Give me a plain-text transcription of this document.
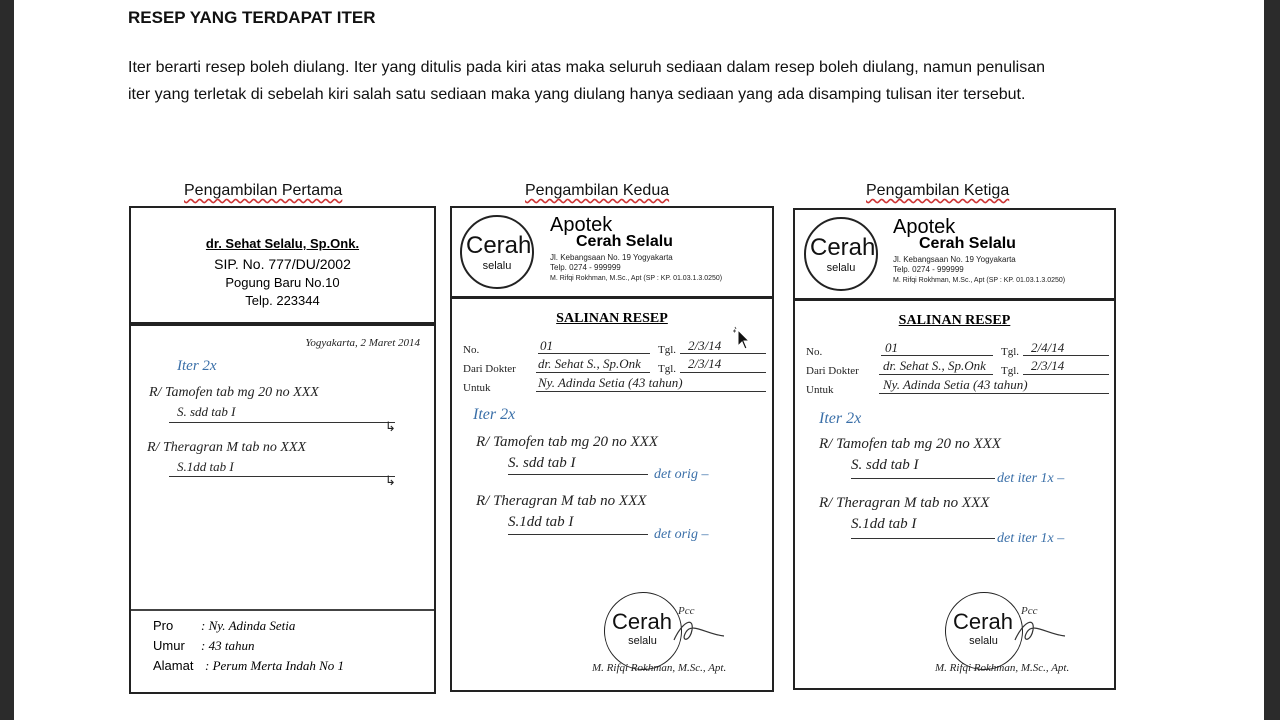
RESEP YANG TERDAPAT ITER
Iter berarti resep boleh diulang. Iter yang ditulis pada kiri atas maka seluruh sediaan dalam resep boleh diulang, namun penulisan
iter yang terletak di sebelah kiri salah satu sediaan maka yang diulang hanya sediaan yang ada disamping tulisan iter tersebut.
Pengambilan Pertama	Pengambilan Kedua	Pengambilan Ketiga
dr. Sehat Selalu, Sp.Onk.
SIP. No. 777/DU/2002
Pogung Baru No.10
Telp. 223344
Yogyakarta, 2 Maret 2014
Iter 2x
R/ Tamofen tab mg 20 no XXX
S. sdd tab I
↳
R/ Theragran M tab no XXX
S.1dd tab I
↳
Pro : Ny. Adinda Setia
Umur : 43 tahun
Alamat : Perum Merta Indah No 1
Cerah
selalu
Apotek
Cerah Selalu
Jl. Kebangsaan No. 19 Yogyakarta
Telp. 0274 - 999999
M. Rifqi Rokhman, M.Sc., Apt (SP : KP. 01.03.1.3.0250)
SALINAN RESEP
No.	01	Tgl. 2/3/14
Dari Dokter dr. Sehat S., Sp.Onk Tgl. 2/3/14
Untuk	Ny. Adinda Setia (43 tahun)
Iter 2x
R/ Tamofen tab mg 20 no XXX
S. sdd tab I
det orig –
R/ Theragran M tab no XXX
S.1dd tab I
det orig –
Cerah
selalu
Pcc
M. Rifqi Rokhman, M.Sc., Apt.
Cerah
selalu
Apotek
Cerah Selalu
Jl. Kebangsaan No. 19 Yogyakarta
Telp. 0274 - 999999
M. Rifqi Rokhman, M.Sc., Apt (SP : KP. 01.03.1.3.0250)
SALINAN RESEP
No.	01	Tgl. 2/4/14
Dari Dokter dr. Sehat S., Sp.Onk Tgl. 2/3/14
Untuk	Ny. Adinda Setia (43 tahun)
Iter 2x
R/ Tamofen tab mg 20 no XXX
S. sdd tab I
det iter 1x –
R/ Theragran M tab no XXX
S.1dd tab I
det iter 1x –
Cerah
selalu
Pcc
M. Rifqi Rokhman, M.Sc., Apt.
